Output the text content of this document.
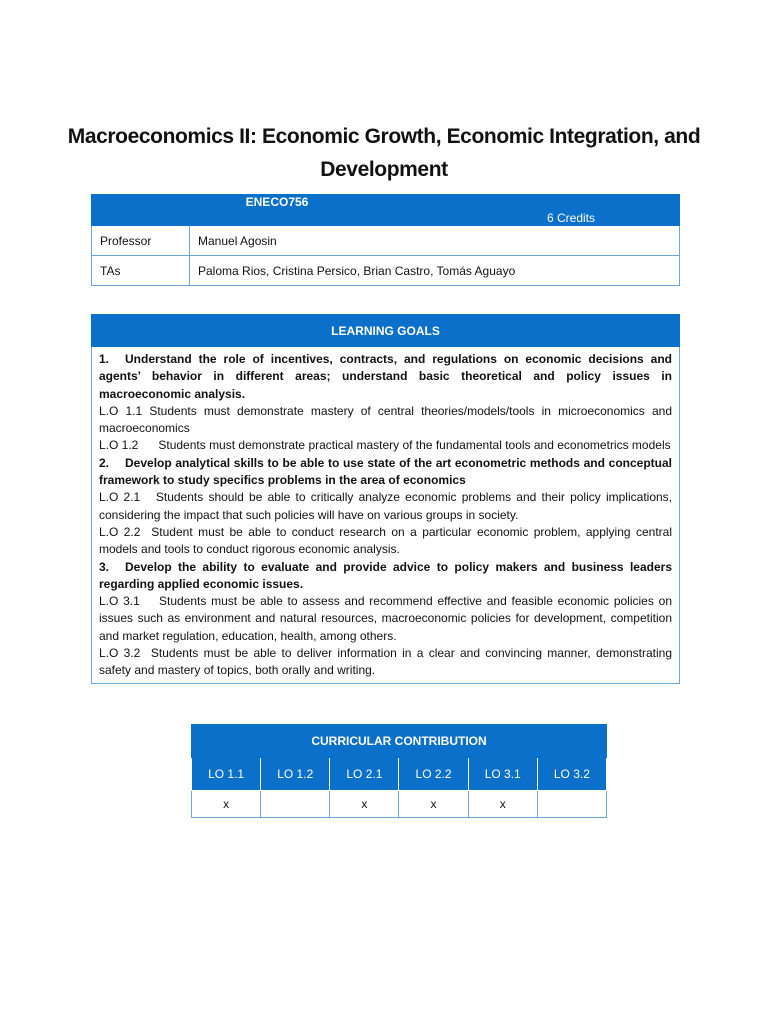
Macroeconomics II: Economic Growth, Economic Integration, and Development
ENECO756		6 Credits
Professor	Manuel Agosin	
TAs	Paloma Rios, Cristina Persico, Brian Castro, Tomás Aguayo	
LEARNING GOALS

1. Understand the role of incentives, contracts, and regulations on economic decisions and agents’ behavior in different areas; understand basic theoretical and policy issues in macroeconomic analysis.

L.O 1.1 Students must demonstrate mastery of central theories/models/tools in microeconomics and macroeconomics

L.O 1.2      Students must demonstrate practical mastery of the fundamental tools and econometrics models

2. Develop analytical skills to be able to use state of the art econometric methods and conceptual framework to study specifics problems in the area of economics

L.O 2.1   Students should be able to critically analyze economic problems and their policy implications, considering the impact that such policies will have on various groups in society.

L.O 2.2  Student must be able to conduct research on a particular economic problem, applying central models and tools to conduct rigorous economic analysis.

3. Develop the ability to evaluate and provide advice to policy makers and business leaders regarding applied economic issues.

L.O 3.1    Students must be able to assess and recommend effective and feasible economic policies on issues such as environment and natural resources, macroeconomic policies for development, competition and market regulation, education, health, among others.

L.O 3.2  Students must be able to deliver information in a clear and convincing manner, demonstrating safety and mastery of topics, both orally and writing.

CURRICULAR CONTRIBUTION					
LO 1.1	LO 1.2	LO 2.1	LO 2.2	LO 3.1	LO 3.2
x		x	x	x	
